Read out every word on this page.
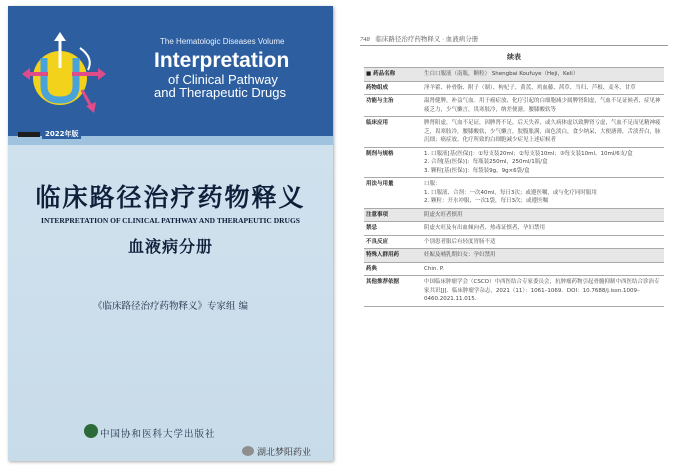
The Hematologic Diseases Volume
Interpretation
of Clinical Pathway
and Therapeutic Drugs
2022年版
临床路径治疗药物释义
INTERPRETATION OF CLINICAL PATHWAY AND THERAPEUTIC DRUGS
血液病分册
《临床路径治疗药物释义》专家组 编
中国协和医科大学出版社
湖北梦阳药业
748 临床路径治疗药物释义 · 血液病分册
续表
■ 药品名称	生白口服液（南瓶，颗粒） Shengbai Koufuye（Heji，Keli）

药物组成	淫羊藿、补骨脂、附子（制）、枸杞子、黄芪、鸡血藤、茜草、当归、芦根、麦冬、甘草

功能与主治	温肾健脾，补益气血。用于癌症放、化疗引起的白细胞减少属脾肾阳虚，气血不足证候者，症见神疲乏力，少气懒言，畏寒肢冷，纳差便溏，腰膝酸软等

临床应用	脾肾阳虚，气血不足证，因脾肾不足，后天失养，或久病体虚以致脾肾亏虚，气血不足而见精神疲乏，畏寒肢冷，腰膝酸软，少气懒言，脘腹胀满，面色淡白，食少纳呆，大便溏薄，舌淡苔白，脉沉细；癌症放、化疗所致的白细胞减少症见上述症候者

制剂与规格	1. 口服液[基(医保)]：①每支装20ml；②每支装10ml；③每支装10ml、10ml/6支/盒
2. 合剂[基(医保)]：每瓶装250ml，250ml/1瓶/盒
3. 颗粒[基(医保)]：每袋装9g，9g×6袋/盒

用法与用量	口服：
1. 口服液、合剂：一次40ml，每日3次；或遵医嘱，或与化疗同时服用
2. 颗粒：开水冲服，一次1袋，每日3次；或遵医嘱

注意事项	阴虚火旺者慎用

禁忌	阴虚火旺及有出血倾向者、热毒证慎者、孕妇禁用

不良反应	个别患者服后有轻度胃肠不适

特殊人群用药	妊娠及哺乳期妇女：孕妇禁用

药典	Chin. P.

其他推荐依据	中国临床肿瘤学会（CSCO）中西医结合专家委员会，抗肿瘤药物引起骨髓抑制中西医结合诊治专家共识[J]．临床肿瘤学杂志，2021（11）：1061–1069．DOI：10.7688/j.issn.1009–0460.2021.11.015.
